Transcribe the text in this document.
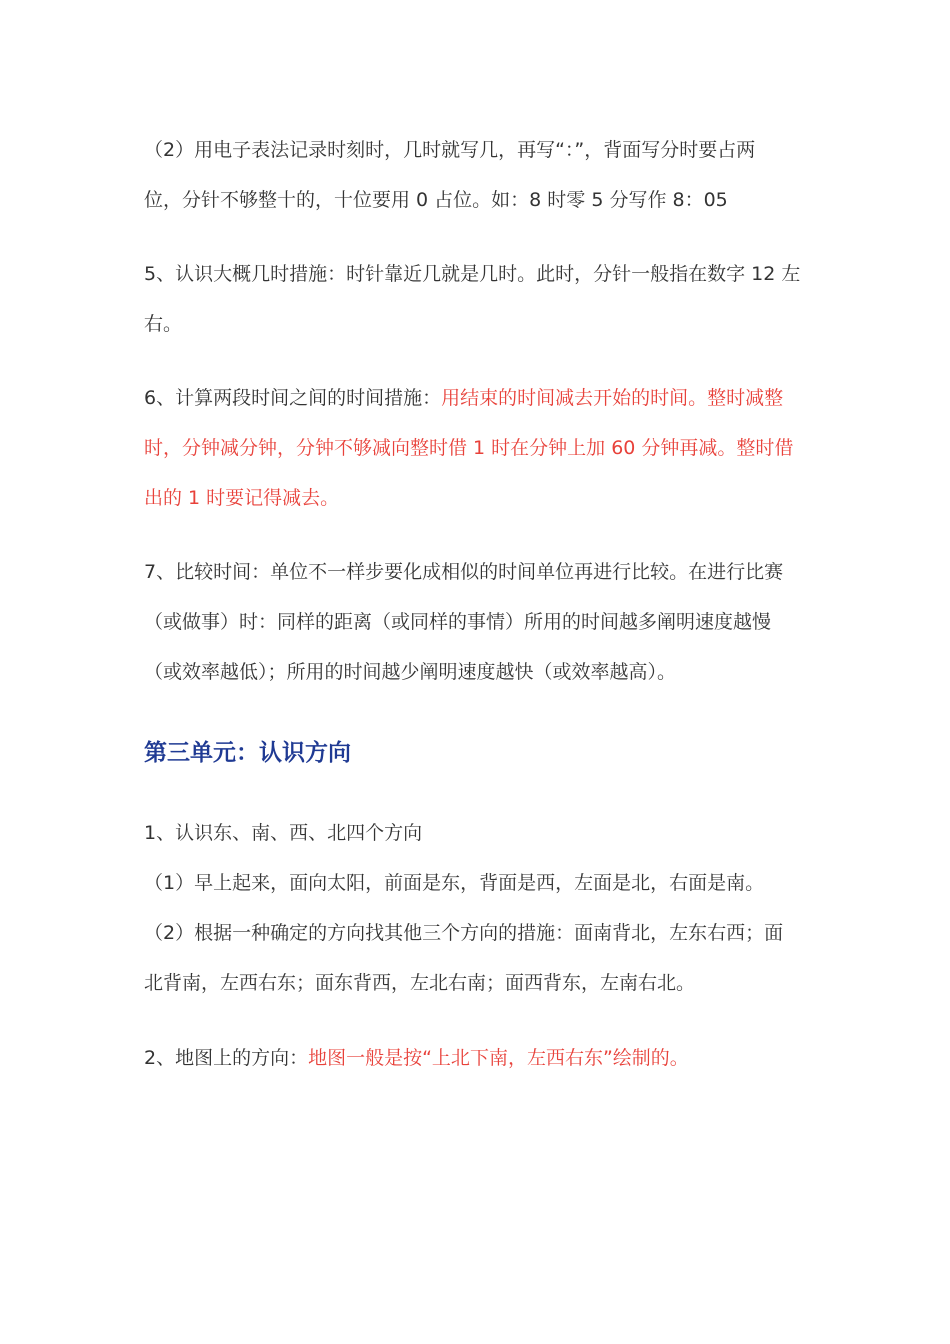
（2）用电子表法记录时刻时，几时就写几，再写“：”，背面写分时要占两
位，分针不够整十的，十位要用 0 占位。如：8 时零 5 分写作 8：05
5、认识大概几时措施：时针靠近几就是几时。此时，分针一般指在数字 12 左
右。
6、计算两段时间之间的时间措施：用结束的时间减去开始的时间。整时减整
时，分钟减分钟，分钟不够减向整时借 1 时在分钟上加 60 分钟再减。整时借
出的 1 时要记得减去。
7、比较时间：单位不一样步要化成相似的时间单位再进行比较。在进行比赛
（或做事）时：同样的距离（或同样的事情）所用的时间越多阐明速度越慢
（或效率越低）；所用的时间越少阐明速度越快（或效率越高）。
第三单元：认识方向
1、认识东、南、西、北四个方向
（1）早上起来，面向太阳，前面是东，背面是西，左面是北，右面是南。
（2）根据一种确定的方向找其他三个方向的措施：面南背北，左东右西；面
北背南，左西右东；面东背西，左北右南；面西背东，左南右北。
2、地图上的方向：地图一般是按“上北下南，左西右东”绘制的。
